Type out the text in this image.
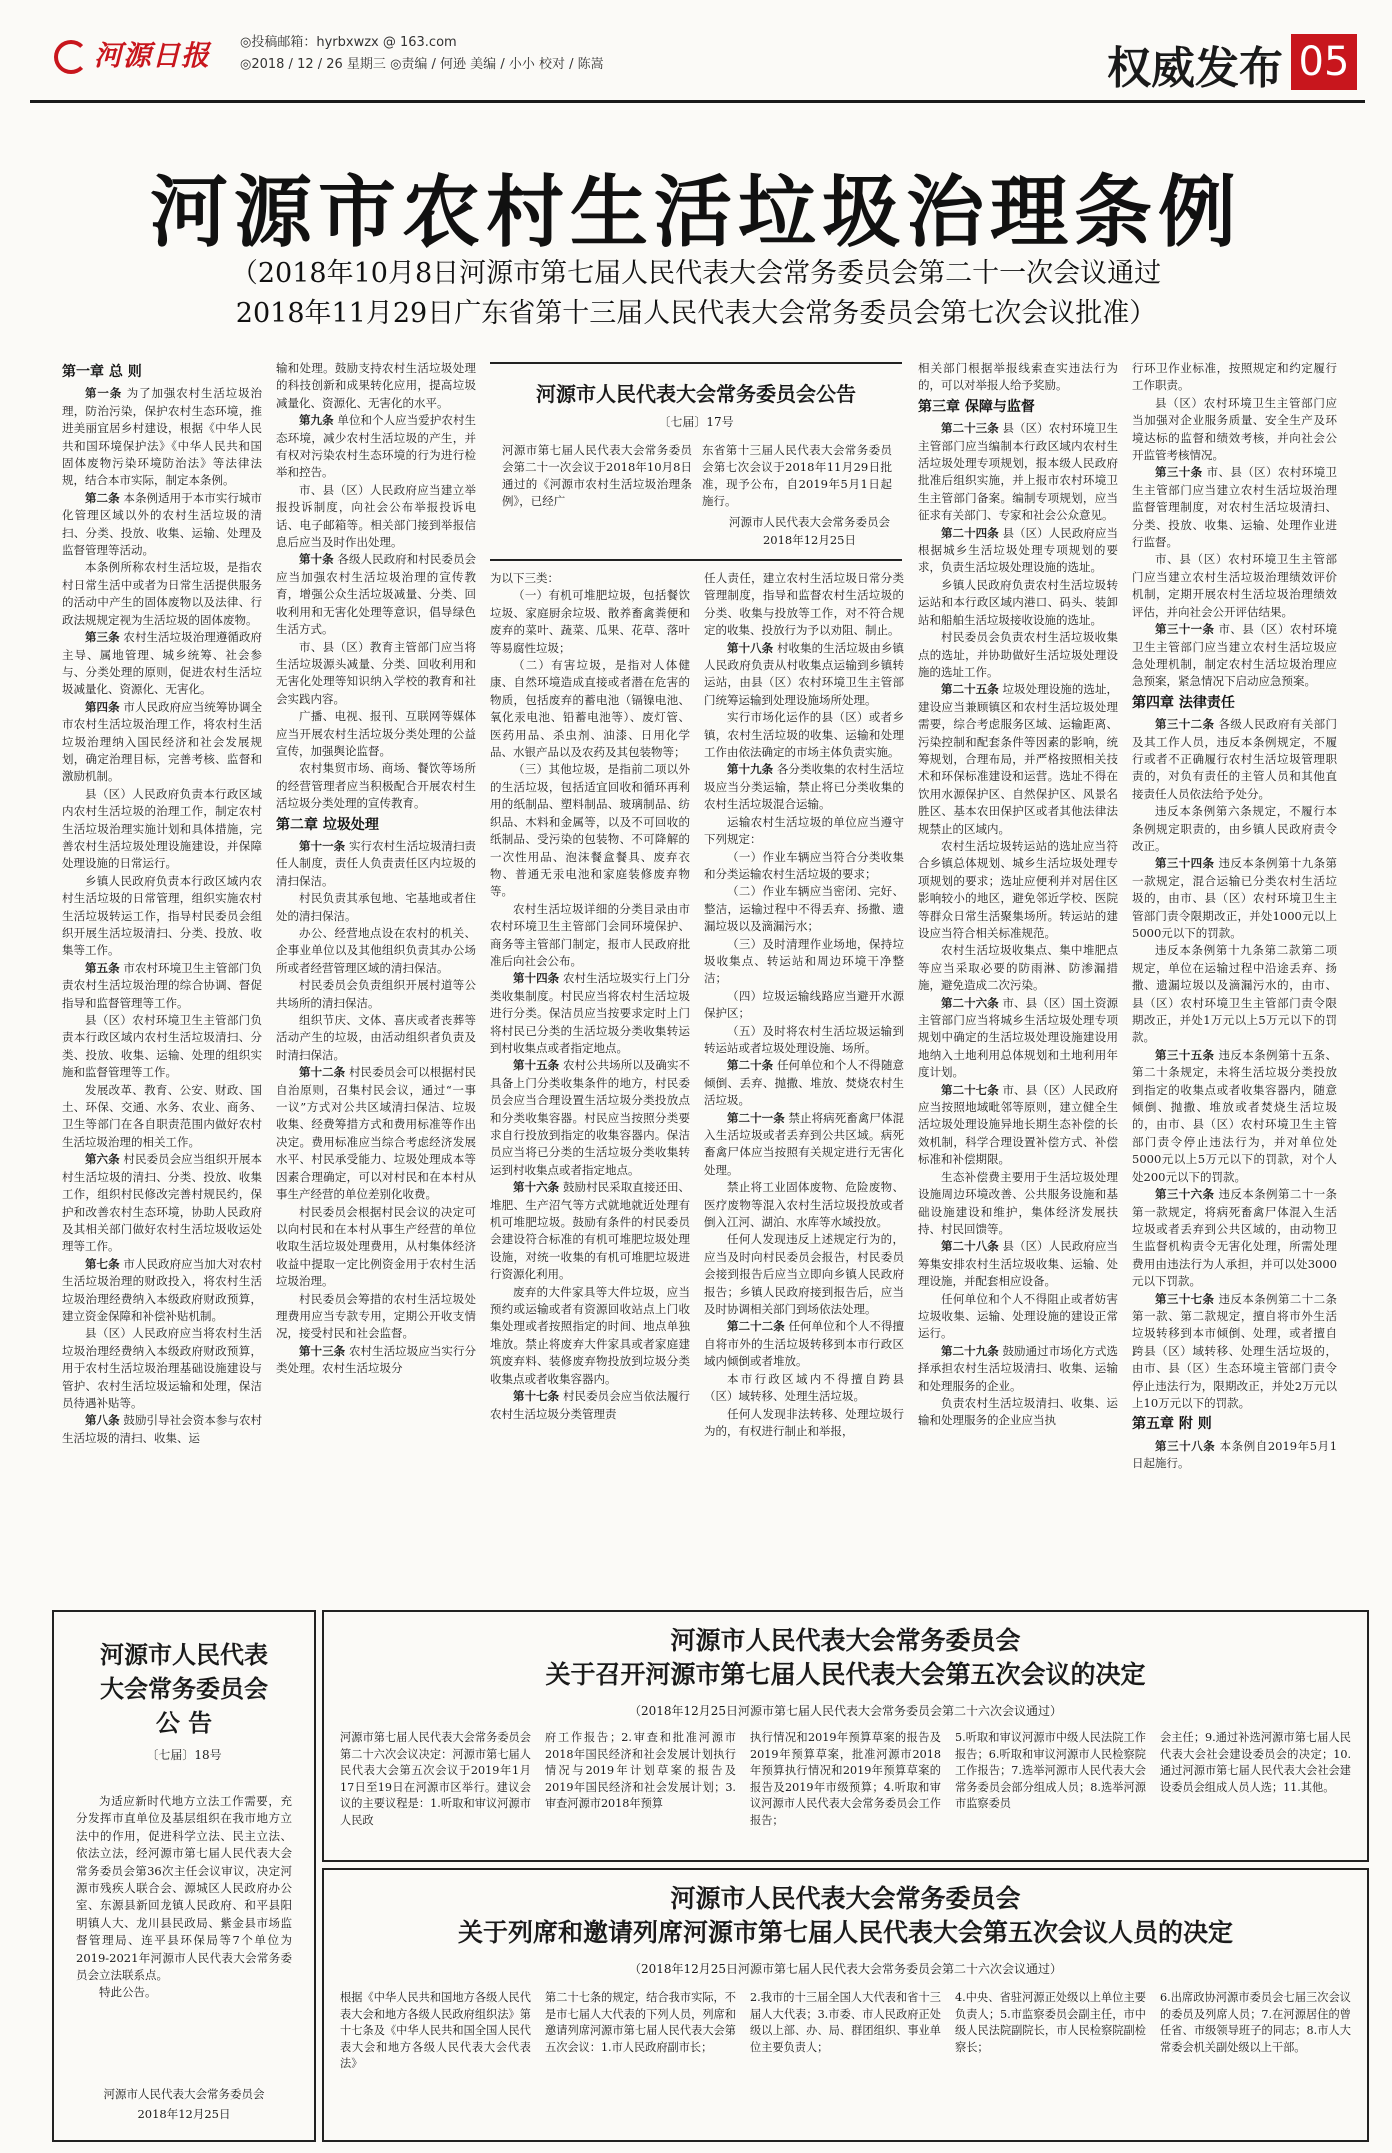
河源日报 ◎投稿邮箱：hyrbxwzx @ 163.com
◎2018 / 12 / 26 星期三 ◎责编 / 何逊 美编 / 小小 校对 / 陈嵩	权威发布 05
河源市农村生活垃圾治理条例
（2018年10月8日河源市第七届人民代表大会常务委员会第二十一次会议通过
2018年11月29日广东省第十三届人民代表大会常务委员会第七次会议批准）

第一章 总 则

第一条 为了加强农村生活垃圾治理，防治污染，保护农村生态环境，推进美丽宜居乡村建设，根据《中华人民共和国环境保护法》《中华人民共和国固体废物污染环境防治法》等法律法规，结合本市实际，制定本条例。

第二条 本条例适用于本市实行城市化管理区域以外的农村生活垃圾的清扫、分类、投放、收集、运输、处理及监督管理等活动。

本条例所称农村生活垃圾，是指农村日常生活中或者为日常生活提供服务的活动中产生的固体废物以及法律、行政法规规定视为生活垃圾的固体废物。

第三条 农村生活垃圾治理遵循政府主导、属地管理、城乡统筹、社会参与、分类处理的原则，促进农村生活垃圾减量化、资源化、无害化。

第四条 市人民政府应当统筹协调全市农村生活垃圾治理工作，将农村生活垃圾治理纳入国民经济和社会发展规划，确定治理目标，完善考核、监督和激励机制。

县（区）人民政府负责本行政区域内农村生活垃圾的治理工作，制定农村生活垃圾治理实施计划和具体措施，完善农村生活垃圾处理设施建设，并保障处理设施的日常运行。

乡镇人民政府负责本行政区域内农村生活垃圾的日常管理，组织实施农村生活垃圾转运工作，指导村民委员会组织开展生活垃圾清扫、分类、投放、收集等工作。

第五条 市农村环境卫生主管部门负责农村生活垃圾治理的综合协调、督促指导和监督管理等工作。

县（区）农村环境卫生主管部门负责本行政区域内农村生活垃圾清扫、分类、投放、收集、运输、处理的组织实施和监督管理等工作。

发展改革、教育、公安、财政、国土、环保、交通、水务、农业、商务、卫生等部门在各自职责范围内做好农村生活垃圾治理的相关工作。

第六条 村民委员会应当组织开展本村生活垃圾的清扫、分类、投放、收集工作，组织村民修改完善村规民约，保护和改善农村生态环境，协助人民政府及其相关部门做好农村生活垃圾收运处理等工作。

第七条 市人民政府应当加大对农村生活垃圾治理的财政投入，将农村生活垃圾治理经费纳入本级政府财政预算，建立资金保障和补偿补贴机制。

县（区）人民政府应当将农村生活垃圾治理经费纳入本级政府财政预算，用于农村生活垃圾治理基础设施建设与管护、农村生活垃圾运输和处理，保洁员待遇补贴等。

第八条 鼓励引导社会资本参与农村生活垃圾的清扫、收集、运

输和处理。鼓励支持农村生活垃圾处理的科技创新和成果转化应用，提高垃圾减量化、资源化、无害化的水平。

第九条 单位和个人应当爱护农村生态环境，减少农村生活垃圾的产生，并有权对污染农村生态环境的行为进行检举和控告。

市、县（区）人民政府应当建立举报投诉制度，向社会公布举报投诉电话、电子邮箱等。相关部门接到举报信息后应当及时作出处理。

第十条 各级人民政府和村民委员会应当加强农村生活垃圾治理的宣传教育，增强公众生活垃圾减量、分类、回收利用和无害化处理等意识，倡导绿色生活方式。

市、县（区）教育主管部门应当将生活垃圾源头减量、分类、回收利用和无害化处理等知识纳入学校的教育和社会实践内容。

广播、电视、报刊、互联网等媒体应当开展农村生活垃圾分类处理的公益宣传，加强舆论监督。

农村集贸市场、商场、餐饮等场所的经营管理者应当积极配合开展农村生活垃圾分类处理的宣传教育。

第二章 垃圾处理

第十一条 实行农村生活垃圾清扫责任人制度，责任人负责责任区内垃圾的清扫保洁。

村民负责其承包地、宅基地或者住处的清扫保洁。

办公、经营地点设在农村的机关、企事业单位以及其他组织负责其办公场所或者经营管理区域的清扫保洁。

村民委员会负责组织开展村道等公共场所的清扫保洁。

组织节庆、文体、喜庆或者丧葬等活动产生的垃圾，由活动组织者负责及时清扫保洁。

第十二条 村民委员会可以根据村民自治原则，召集村民会议，通过“一事一议”方式对公共区域清扫保洁、垃圾收集、经费筹措方式和费用标准等作出决定。费用标准应当综合考虑经济发展水平、村民承受能力、垃圾处理成本等因素合理确定，可以对村民和在本村从事生产经营的单位差别化收费。

村民委员会根据村民会议的决定可以向村民和在本村从事生产经营的单位收取生活垃圾处理费用，从村集体经济收益中提取一定比例资金用于农村生活垃圾治理。

村民委员会筹措的农村生活垃圾处理费用应当专款专用，定期公开收支情况，接受村民和社会监督。

第十三条 农村生活垃圾应当实行分类处理。农村生活垃圾分

河源市人民代表大会常务委员会公告
〔七届〕17号
河源市第七届人民代表大会常务委员会第二十一次会议于2018年10月8日通过的《河源市农村生活垃圾治理条例》，已经广
东省第十三届人民代表大会常务委员会第七次会议于2018年11月29日批准，现予公布，自2019年5月1日起施行。
河源市人民代表大会常务委员会
2018年12月25日

为以下三类：

（一）有机可堆肥垃圾，包括餐饮垃圾、家庭厨余垃圾、散养畜禽粪便和废弃的菜叶、蔬菜、瓜果、花草、落叶等易腐性垃圾；

（二）有害垃圾，是指对人体健康、自然环境造成直接或者潜在危害的物质，包括废弃的蓄电池（镉镍电池、氧化汞电池、铅蓄电池等）、废灯管、医药用品、杀虫剂、油漆、日用化学品、水银产品以及农药及其包装物等；

（三）其他垃圾，是指前二项以外的生活垃圾，包括适宜回收和循环再利用的纸制品、塑料制品、玻璃制品、纺织品、木料和金属等，以及不可回收的纸制品、受污染的包装物、不可降解的一次性用品、泡沫餐盒餐具、废弃衣物、普通无汞电池和家庭装修废弃物等。

农村生活垃圾详细的分类目录由市农村环境卫生主管部门会同环境保护、商务等主管部门制定，报市人民政府批准后向社会公布。

第十四条 农村生活垃圾实行上门分类收集制度。村民应当将农村生活垃圾进行分类。保洁员应当按要求定时上门将村民已分类的生活垃圾分类收集转运到村收集点或者指定地点。

第十五条 农村公共场所以及确实不具备上门分类收集条件的地方，村民委员会应当合理设置生活垃圾分类投放点和分类收集容器。村民应当按照分类要求自行投放到指定的收集容器内。保洁员应当将已分类的生活垃圾分类收集转运到村收集点或者指定地点。

第十六条 鼓励村民采取直接还田、堆肥、生产沼气等方式就地就近处理有机可堆肥垃圾。鼓励有条件的村民委员会建设符合标准的有机可堆肥垃圾处理设施，对统一收集的有机可堆肥垃圾进行资源化利用。

废弃的大件家具等大件垃圾，应当预约或运输或者有资源回收站点上门收集处理或者按照指定的时间、地点单独堆放。禁止将废弃大件家具或者家庭建筑废弃料、装修废弃物投放到垃圾分类收集点或者收集容器内。

第十七条 村民委员会应当依法履行农村生活垃圾分类管理责

任人责任，建立农村生活垃圾日常分类管理制度，指导和监督农村生活垃圾的分类、收集与投放等工作，对不符合规定的收集、投放行为予以劝阻、制止。

第十八条 村收集的生活垃圾由乡镇人民政府负责从村收集点运输到乡镇转运站，由县（区）农村环境卫生主管部门统筹运输到处理设施场所处理。

实行市场化运作的县（区）或者乡镇，农村生活垃圾的收集、运输和处理工作由依法确定的市场主体负责实施。

第十九条 各分类收集的农村生活垃圾应当分类运输，禁止将已分类收集的农村生活垃圾混合运输。

运输农村生活垃圾的单位应当遵守下列规定：

（一）作业车辆应当符合分类收集和分类运输农村生活垃圾的要求；

（二）作业车辆应当密闭、完好、整洁，运输过程中不得丢弃、扬撒、遗漏垃圾以及滴漏污水；

（三）及时清理作业场地，保持垃圾收集点、转运站和周边环境干净整洁；

（四）垃圾运输线路应当避开水源保护区；

（五）及时将农村生活垃圾运输到转运站或者垃圾处理设施、场所。

第二十条 任何单位和个人不得随意倾倒、丢弃、抛撒、堆放、焚烧农村生活垃圾。

第二十一条 禁止将病死畜禽尸体混入生活垃圾或者丢弃到公共区域。病死畜禽尸体应当按照有关规定进行无害化处理。

禁止将工业固体废物、危险废物、医疗废物等混入农村生活垃圾投放或者倒入江河、湖泊、水库等水域投放。

任何人发现违反上述规定行为的，应当及时向村民委员会报告，村民委员会接到报告后应当立即向乡镇人民政府报告；乡镇人民政府接到报告后，应当及时协调相关部门到场依法处理。

第二十二条 任何单位和个人不得擅自将市外的生活垃圾转移到本市行政区域内倾倒或者堆放。

本市行政区域内不得擅自跨县（区）域转移、处理生活垃圾。

任何人发现非法转移、处理垃圾行为的，有权进行制止和举报，

相关部门根据举报线索查实违法行为的，可以对举报人给予奖励。

第三章 保障与监督

第二十三条 县（区）农村环境卫生主管部门应当编制本行政区域内农村生活垃圾处理专项规划，报本级人民政府批准后组织实施，并上报市农村环境卫生主管部门备案。编制专项规划，应当征求有关部门、专家和社会公众意见。

第二十四条 县（区）人民政府应当根据城乡生活垃圾处理专项规划的要求，负责生活垃圾处理设施的选址。

乡镇人民政府负责农村生活垃圾转运站和本行政区域内港口、码头、装卸站和船舶生活垃圾接收设施的选址。

村民委员会负责农村生活垃圾收集点的选址，并协助做好生活垃圾处理设施的选址工作。

第二十五条 垃圾处理设施的选址，建设应当兼顾镇区和农村生活垃圾处理需要，综合考虑服务区域、运输距离、污染控制和配套条件等因素的影响，统筹规划，合理布局，并严格按照相关技术和环保标准建设和运营。选址不得在饮用水源保护区、自然保护区、风景名胜区、基本农田保护区或者其他法律法规禁止的区域内。

农村生活垃圾转运站的选址应当符合乡镇总体规划、城乡生活垃圾处理专项规划的要求；选址应便利并对居住区影响较小的地区，避免邻近学校、医院等群众日常生活聚集场所。转运站的建设应当符合相关标准规范。

农村生活垃圾收集点、集中堆肥点等应当采取必要的防雨淋、防渗漏措施，避免造成二次污染。

第二十六条 市、县（区）国土资源主管部门应当将城乡生活垃圾处理专项规划中确定的生活垃圾处理设施建设用地纳入土地利用总体规划和土地利用年度计划。

第二十七条 市、县（区）人民政府应当按照地域毗邻等原则，建立健全生活垃圾处理设施异地长期生态补偿的长效机制，科学合理设置补偿方式、补偿标准和补偿期限。

生态补偿费主要用于生活垃圾处理设施周边环境改善、公共服务设施和基础设施建设和维护，集体经济发展扶持、村民回馈等。

第二十八条 县（区）人民政府应当筹集安排农村生活垃圾收集、运输、处理设施，并配套相应设备。

任何单位和个人不得阻止或者妨害垃圾收集、运输、处理设施的建设正常运行。

第二十九条 鼓励通过市场化方式选择承担农村生活垃圾清扫、收集、运输和处理服务的企业。

负责农村生活垃圾清扫、收集、运输和处理服务的企业应当执

行环卫作业标准，按照规定和约定履行工作职责。

县（区）农村环境卫生主管部门应当加强对企业服务质量、安全生产及环境达标的监督和绩效考核，并向社会公开监管考核情况。

第三十条 市、县（区）农村环境卫生主管部门应当建立农村生活垃圾治理监督管理制度，对农村生活垃圾清扫、分类、投放、收集、运输、处理作业进行监督。

市、县（区）农村环境卫生主管部门应当建立农村生活垃圾治理绩效评价机制，定期开展农村生活垃圾治理绩效评估，并向社会公开评估结果。

第三十一条 市、县（区）农村环境卫生主管部门应当建立农村生活垃圾应急处理机制，制定农村生活垃圾治理应急预案，紧急情况下启动应急预案。

第四章 法律责任

第三十二条 各级人民政府有关部门及其工作人员，违反本条例规定，不履行或者不正确履行农村生活垃圾管理职责的，对负有责任的主管人员和其他直接责任人员依法给予处分。

违反本条例第六条规定，不履行本条例规定职责的，由乡镇人民政府责令改正。

第三十四条 违反本条例第十九条第一款规定，混合运输已分类农村生活垃圾的，由市、县（区）农村环境卫生主管部门责令限期改正，并处1000元以上5000元以下的罚款。

违反本条例第十九条第二款第二项规定，单位在运输过程中沿途丢弃、扬撒、遗漏垃圾以及滴漏污水的，由市、县（区）农村环境卫生主管部门责令限期改正，并处1万元以上5万元以下的罚款。

第三十五条 违反本条例第十五条、第二十条规定，未将生活垃圾分类投放到指定的收集点或者收集容器内，随意倾倒、抛撒、堆放或者焚烧生活垃圾的，由市、县（区）农村环境卫生主管部门责令停止违法行为，并对单位处5000元以上5万元以下的罚款，对个人处200元以下的罚款。

第三十六条 违反本条例第二十一条第一款规定，将病死畜禽尸体混入生活垃圾或者丢弃到公共区域的，由动物卫生监督机构责令无害化处理，所需处理费用由违法行为人承担，并可以处3000元以下罚款。

第三十七条 违反本条例第二十二条第一款、第二款规定，擅自将市外生活垃圾转移到本市倾倒、处理，或者擅自跨县（区）域转移、处理生活垃圾的，由市、县（区）生态环境主管部门责令停止违法行为，限期改正，并处2万元以上10万元以下的罚款。

第五章 附 则

第三十八条 本条例自2019年5月1日起施行。

河源市人民代表
大会常务委员会
公 告
〔七届〕18号

为适应新时代地方立法工作需要，充分发挥市直单位及基层组织在我市地方立法中的作用，促进科学立法、民主立法、依法立法，经河源市第七届人民代表大会常务委员会第36次主任会议审议，决定河源市残疾人联合会、源城区人民政府办公室、东源县新回龙镇人民政府、和平县阳明镇人大、龙川县民政局、紫金县市场监督管理局、连平县环保局等7个单位为2019-2021年河源市人民代表大会常务委员会立法联系点。

特此公告。

河源市人民代表大会常务委员会
2018年12月25日
河源市人民代表大会常务委员会
关于召开河源市第七届人民代表大会第五次会议的决定
（2018年12月25日河源市第七届人民代表大会常务委员会第二十六次会议通过）
河源市第七届人民代表大会常务委员会第二十六次会议决定：河源市第七届人民代表大会第五次会议于2019年1月17日至19日在河源市区举行。建议会议的主要议程是：1.听取和审议河源市人民政
府工作报告；2.审查和批准河源市2018年国民经济和社会发展计划执行情况与2019年计划草案的报告及2019年国民经济和社会发展计划；3.审查河源市2018年预算
执行情况和2019年预算草案的报告及2019年预算草案，批准河源市2018年预算执行情况和2019年预算草案的报告及2019年市级预算；4.听取和审议河源市人民代表大会常务委员会工作报告；
5.听取和审议河源市中级人民法院工作报告；6.听取和审议河源市人民检察院工作报告；7.选举河源市人民代表大会常务委员会部分组成人员；8.选举河源市监察委员
会主任；9.通过补选河源市第七届人民代表大会社会建设委员会的决定；10.通过河源市第七届人民代表大会社会建设委员会组成人员人选；11.其他。
河源市人民代表大会常务委员会
关于列席和邀请列席河源市第七届人民代表大会第五次会议人员的决定
（2018年12月25日河源市第七届人民代表大会常务委员会第二十六次会议通过）
根据《中华人民共和国地方各级人民代表大会和地方各级人民政府组织法》第十七条及《中华人民共和国全国人民代表大会和地方各级人民代表大会代表法》
第二十七条的规定，结合我市实际，不是市七届人大代表的下列人员，列席和邀请列席河源市第七届人民代表大会第五次会议：1.市人民政府副市长；
2.我市的十三届全国人大代表和省十三届人大代表；3.市委、市人民政府正处级以上部、办、局、群团组织、事业单位主要负责人；
4.中央、省驻河源正处级以上单位主要负责人；5.市监察委员会副主任，市中级人民法院副院长，市人民检察院副检察长；
6.出席政协河源市委员会七届三次会议的委员及列席人员；7.在河源居住的曾任省、市级领导班子的同志；8.市人大常委会机关副处级以上干部。
